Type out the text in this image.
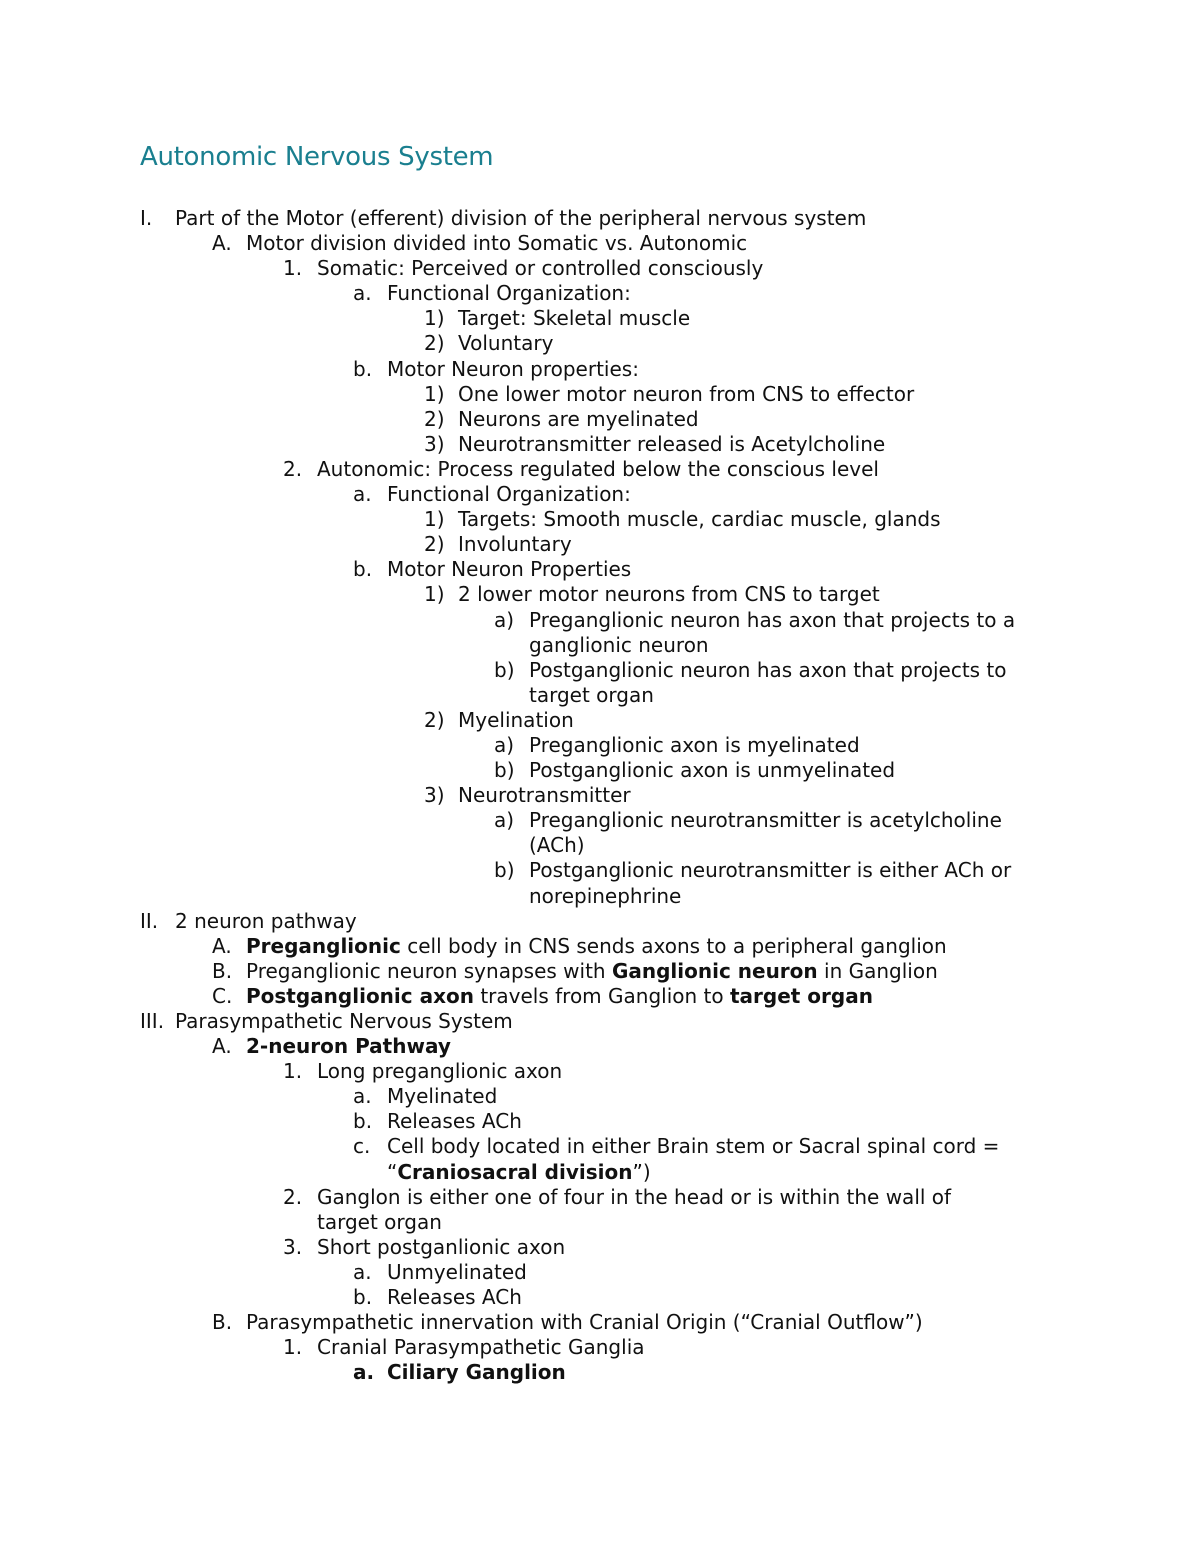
Autonomic Nervous System
I. Part of the Motor (efferent) division of the peripheral nervous system
A. Motor division divided into Somatic vs. Autonomic
1. Somatic: Perceived or controlled consciously
a. Functional Organization:
1) Target: Skeletal muscle
2) Voluntary
b. Motor Neuron properties:
1) One lower motor neuron from CNS to effector
2) Neurons are myelinated
3) Neurotransmitter released is Acetylcholine
2. Autonomic: Process regulated below the conscious level
a. Functional Organization:
1) Targets: Smooth muscle, cardiac muscle, glands
2) Involuntary
b. Motor Neuron Properties
1) 2 lower motor neurons from CNS to target
a) Preganglionic neuron has axon that projects to a
ganglionic neuron
b) Postganglionic neuron has axon that projects to
target organ
2) Myelination
a) Preganglionic axon is myelinated
b) Postganglionic axon is unmyelinated
3) Neurotransmitter
a) Preganglionic neurotransmitter is acetylcholine
(ACh)
b) Postganglionic neurotransmitter is either ACh or
norepinephrine
II. 2 neuron pathway
A. Preganglionic cell body in CNS sends axons to a peripheral ganglion
B. Preganglionic neuron synapses with Ganglionic neuron in Ganglion
C. Postganglionic axon travels from Ganglion to target organ
III. Parasympathetic Nervous System
A. 2-neuron Pathway
1. Long preganglionic axon
a. Myelinated
b. Releases ACh
c. Cell body located in either Brain stem or Sacral spinal cord =
“Craniosacral division”)
2. Ganglon is either one of four in the head or is within the wall of
target organ
3. Short postganlionic axon
a. Unmyelinated
b. Releases ACh
B. Parasympathetic innervation with Cranial Origin (“Cranial Outflow”)
1. Cranial Parasympathetic Ganglia
a. Ciliary Ganglion
